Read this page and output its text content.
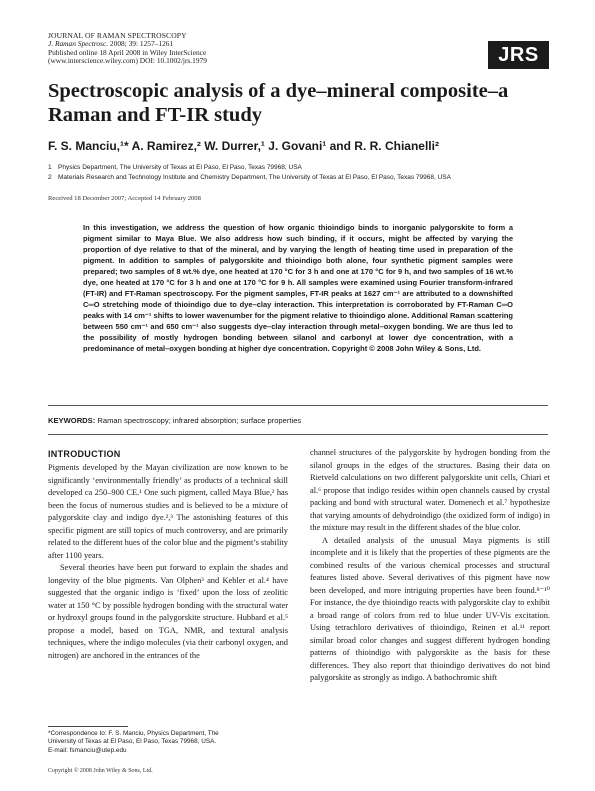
JOURNAL OF RAMAN SPECTROSCOPY
J. Raman Spectrosc. 2008; 39: 1257–1261
Published online 18 April 2008 in Wiley InterScience
(www.interscience.wiley.com) DOI: 10.1002/jrs.1979	JRS
Spectroscopic analysis of a dye–mineral composite–a Raman and FT-IR study
F. S. Manciu,¹* A. Ramirez,² W. Durrer,¹ J. Govani¹ and R. R. Chianelli²
1 Physics Department, The University of Texas at El Paso, El Paso, Texas 79968, USA
2 Materials Research and Technology Institute and Chemistry Department, The University of Texas at El Paso, El Paso, Texas 79968, USA
Received 18 December 2007; Accepted 14 February 2008

In this investigation, we address the question of how organic thioindigo binds to inorganic palygorskite to form a pigment similar to Maya Blue. We also address how such binding, if it occurs, might be affected by varying the proportion of dye relative to that of the mineral, and by varying the length of heating time used in preparation of the pigment. In addition to samples of palygorskite and thioindigo both alone, four synthetic pigment samples were prepared; two samples of 8 wt.% dye, one heated at 170 °C for 3 h and one at 170 °C for 9 h, and two samples of 16 wt.% dye, one heated at 170 °C for 3 h and one at 170 °C for 9 h. All samples were examined using Fourier transform-infrared (FT-IR) and FT-Raman spectroscopy. For the pigment samples, FT-IR peaks at 1627 cm⁻¹ are attributed to a downshifted C═O stretching mode of thioindigo due to dye–clay interaction. This interpretation is corroborated by FT-Raman C═O peaks with 14 cm⁻¹ shifts to lower wavenumber for the pigment relative to thioindigo alone. Additional Raman scattering between 550 cm⁻¹ and 650 cm⁻¹ also suggests dye–clay interaction through metal–oxygen bonding. We are thus led to the possibility of mostly hydrogen bonding between silanol and carbonyl at lower dye concentration, with a predominance of metal–oxygen bonding at higher dye concentration. Copyright © 2008 John Wiley & Sons, Ltd.

KEYWORDS: Raman spectroscopy; infrared absorption; surface properties
INTRODUCTION

Pigments developed by the Mayan civilization are now known to be significantly ‘environmentally friendly’ as products of a technical skill developed ca 250–900 CE.¹ One such pigment, called Maya Blue,² has been the focus of numerous studies and is believed to be a mixture of palygorskite clay and indigo dye.²,³ The astonishing features of this specific pigment are still topics of much controversy, and are primarily related to the different hues of the color blue and the pigment’s stability after 1100 years.

Several theories have been put forward to explain the shades and longevity of the blue pigments. Van Olphen³ and Kebler et al.⁴ have suggested that the organic indigo is ‘fixed’ upon the loss of zeolitic water at 150 °C by possible hydrogen bonding with the structural water or hydroxyl groups found in the palygorskite structure. Hubbard et al.⁵ propose a model, based on TGA, NMR, and textural analysis techniques, where the indigo molecules (via their carbonyl oxygen, and nitrogen) are anchored in the entrances of the

channel structures of the palygorskite by hydrogen bonding from the silanol groups in the edges of the structures. Basing their data on Rietveld calculations on two different palygorskite unit cells, Chiari et al.⁶ propose that indigo resides within open channels caused by crystal packing and bond with structural water. Domenech et al.⁷ hypothesize that varying amounts of dehydroindigo (the oxidized form of indigo) in the mixture may result in the different shades of the blue color.

A detailed analysis of the unusual Maya pigments is still incomplete and it is likely that the properties of these pigments are the combined results of the various chemical processes and structural features listed above. Several derivatives of this pigment have now been developed, and more intriguing properties have been found.⁸⁻¹⁰ For instance, the dye thioindigo reacts with palygorskite clay to exhibit a broad range of colors from red to blue under UV-Vis excitation. Using tetrachloro derivatives of thioindigo, Reinen et al.¹¹ report similar broad color changes and suggest different hydrogen bonding patterns of thioindigo with palygorskite as the basis for these differences. They also report that thioindigo derivatives do not bind palygorskite as strongly as indigo. A bathochromic shift

*Correspondence to: F. S. Manciu, Physics Department, The
University of Texas at El Paso, El Paso, Texas 79968, USA.
E-mail: fsmanciu@utep.edu
Copyright © 2008 John Wiley & Sons, Ltd.
